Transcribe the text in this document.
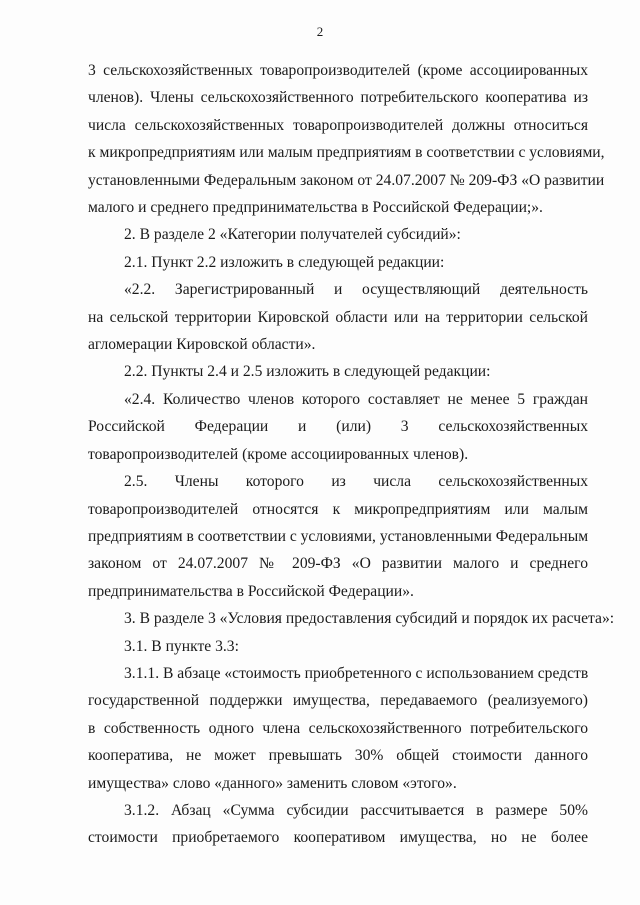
2
3 сельскохозяйственных товаропроизводителей (кроме ассоциированных
членов). Члены сельскохозяйственного потребительского кооператива из
числа сельскохозяйственных товаропроизводителей должны относиться
к микропредприятиям или малым предприятиям в соответствии с условиями,
установленными Федеральным законом от 24.07.2007 № 209-ФЗ «О развитии
малого и среднего предпринимательства в Российской Федерации;».
2. В разделе 2 «Категории получателей субсидий»:
2.1. Пункт 2.2 изложить в следующей редакции:
«2.2. Зарегистрированный и осуществляющий деятельность
на сельской территории Кировской области или на территории сельской
агломерации Кировской области».
2.2. Пункты 2.4 и 2.5 изложить в следующей редакции:
«2.4. Количество членов которого составляет не менее 5 граждан
Российской Федерации и (или) 3 сельскохозяйственных
товаропроизводителей (кроме ассоциированных членов).
2.5. Члены которого из числа сельскохозяйственных
товаропроизводителей относятся к микропредприятиям или малым
предприятиям в соответствии с условиями, установленными Федеральным
законом от 24.07.2007 № 209-ФЗ «О развитии малого и среднего
предпринимательства в Российской Федерации».
3. В разделе 3 «Условия предоставления субсидий и порядок их расчета»:
3.1. В пункте 3.3:
3.1.1. В абзаце «стоимость приобретенного с использованием средств
государственной поддержки имущества, передаваемого (реализуемого)
в собственность одного члена сельскохозяйственного потребительского
кооператива, не может превышать 30% общей стоимости данного
имущества» слово «данного» заменить словом «этого».
3.1.2. Абзац «Сумма субсидии рассчитывается в размере 50%
стоимости приобретаемого кооперативом имущества, но не более
